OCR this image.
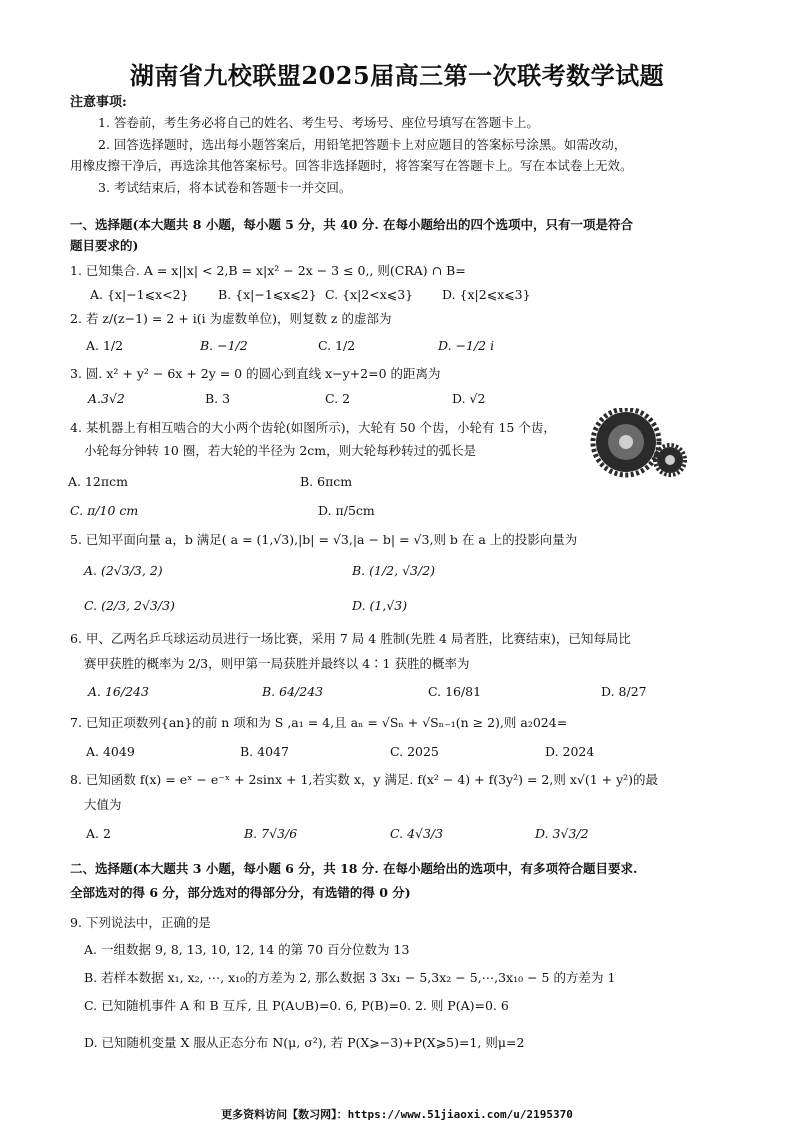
湖南省九校联盟2025届高三第一次联考数学试题
注意事项:
1. 答卷前，考生务必将自己的姓名、考生号、考场号、座位号填写在答题卡上。
2. 回答选择题时，选出每小题答案后，用铅笔把答题卡上对应题目的答案标号涂黑。如需改动，
用橡皮擦干净后，再选涂其他答案标号。回答非选择题时，将答案写在答题卡上。写在本试卷上无效。
3. 考试结束后，将本试卷和答题卡一并交回。
一、选择题(本大题共 8 小题，每小题 5 分，共 40 分. 在每小题给出的四个选项中，只有一项是符合
题目要求的)
1. 已知集合. A = x||x| < 2,B = x|x² − 2x − 3 ≤ 0,, 则(CRA) ∩ B=
A. {x|−1⩽x<2} B. {x|−1⩽x⩽2} C. {x|2<x⩽3} D. {x|2⩽x⩽3}
2. 若 z/(z−1) = 2 + i(i 为虚数单位)，则复数 z 的虚部为
A. 1/2	B. −1/2	C. 1/2	D. −1/2 i
3. 圆. x² + y² − 6x + 2y = 0 的圆心到直线 x−y+2=0 的距离为
A.3√2	B. 3	C. 2	D. √2
4. 某机器上有相互啮合的大小两个齿轮(如图所示)，大轮有 50 个齿，小轮有 15 个齿，
小轮每分钟转 10 圈，若大轮的半径为 2cm，则大轮每秒转过的弧长是
A. 12πcm	B. 6πcm
C. π/10 cm	D. π/5cm
5. 已知平面向量 a，b 满足( a = (1,√3),|b| = √3,|a − b| = √3,则 b 在 a 上的投影向量为
A. (2√3/3, 2)	B. (1/2, √3/2)
C. (2/3, 2√3/3)	D. (1,√3)
6. 甲、乙两名乒乓球运动员进行一场比赛，采用 7 局 4 胜制(先胜 4 局者胜，比赛结束)，已知每局比
赛甲获胜的概率为 2/3，则甲第一局获胜并最终以 4∶1 获胜的概率为
A. 16/243	B. 64/243	C. 16/81	D. 8/27
7. 已知正项数列{an}的前 n 项和为 S ,a₁ = 4,且 aₙ = √Sₙ + √Sₙ₋₁(n ≥ 2),则 a₂024=
A. 4049	B. 4047	C. 2025	D. 2024
8. 已知函数 f(x) = eˣ − e⁻ˣ + 2sinx + 1,若实数 x，y 满足. f(x² − 4) + f(3y²) = 2,则 x√(1 + y²)的最
大值为
A. 2	B. 7√3/6	C. 4√3/3	D. 3√3/2
二、选择题(本大题共 3 小题，每小题 6 分，共 18 分. 在每小题给出的选项中，有多项符合题目要求.
全部选对的得 6 分，部分选对的得部分分，有选错的得 0 分)
9. 下列说法中，正确的是
A. 一组数据 9, 8, 13, 10, 12, 14 的第 70 百分位数为 13
B. 若样本数据 x₁, x₂, ⋯, x₁₀的方差为 2, 那么数据 3 3x₁ − 5,3x₂ − 5,⋯,3x₁₀ − 5 的方差为 1
C. 已知随机事件 A 和 B 互斥, 且 P(A∪B)=0. 6, P(B)=0. 2. 则 P(A)=0. 6
D. 已知随机变量 X 服从正态分布 N(μ, σ²), 若 P(X⩾−3)+P(X⩾5)=1, 则μ=2
更多资料访问【数习网】：https://www.51jiaoxi.com/u/2195370
